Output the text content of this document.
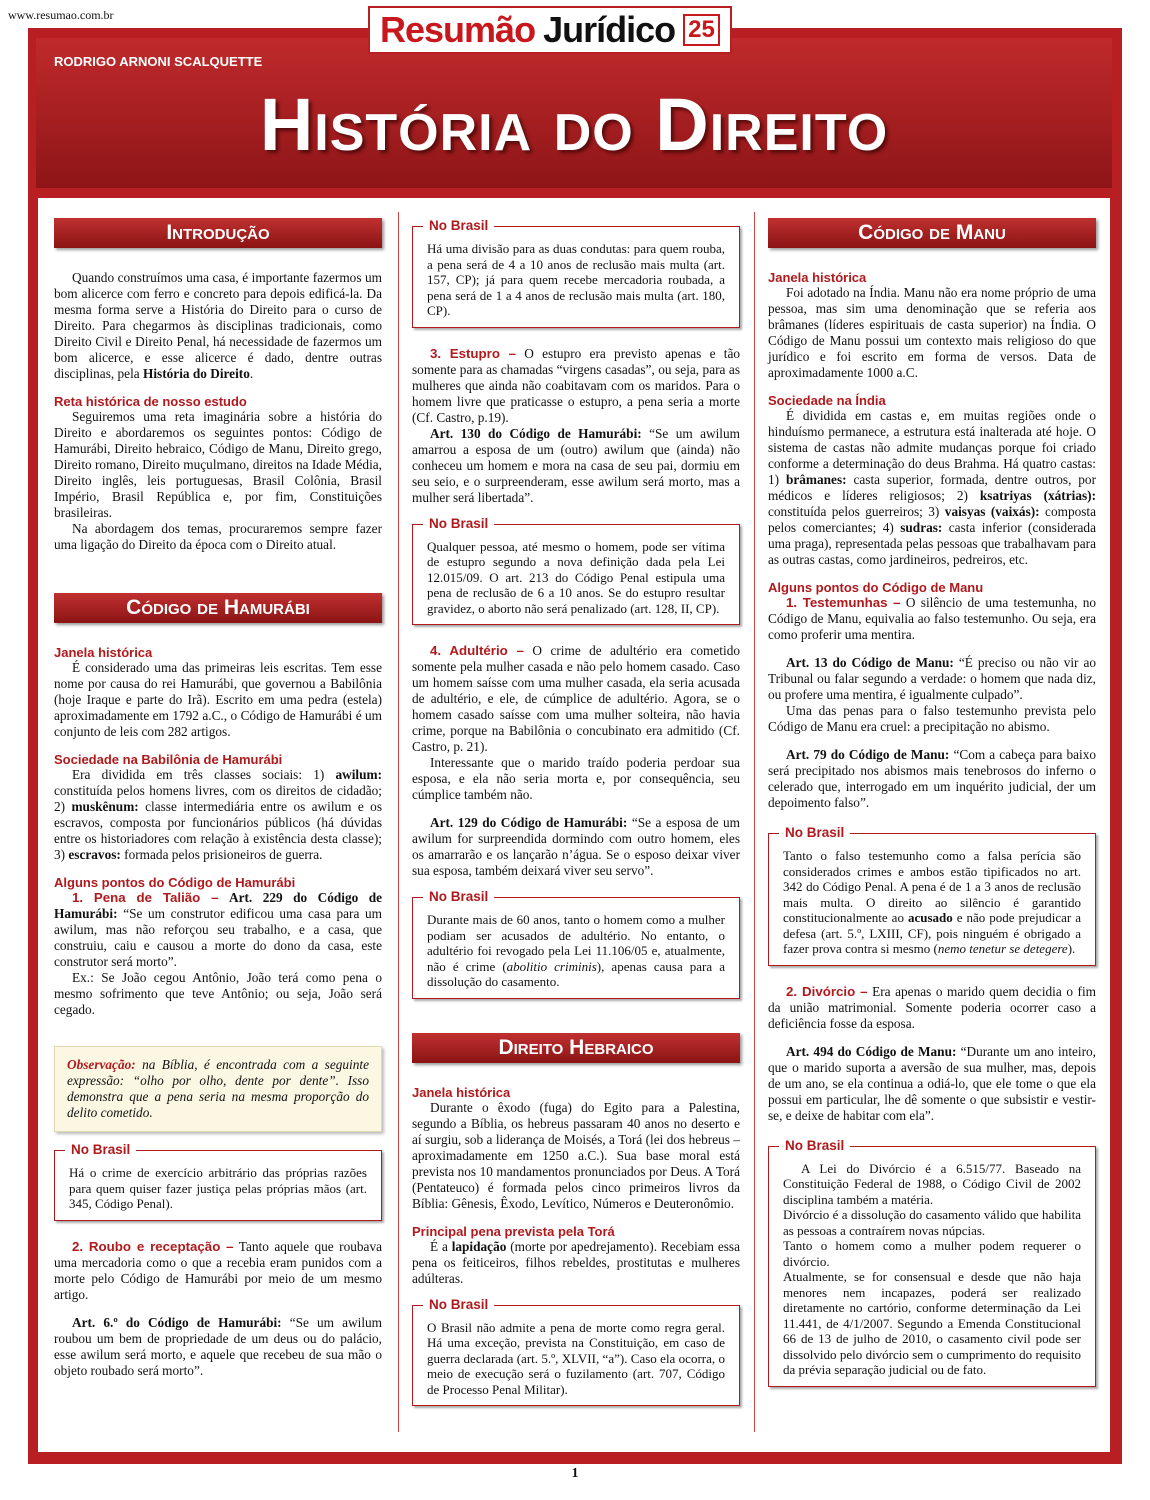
www.resumao.com.br	Resumão Jurídico 25
RODRIGO ARNONI SCALQUETTE
História do Direito
Introdução

Quando construímos uma casa, é importante fazermos um bom alicerce com ferro e concreto para depois edificá-la. Da mesma forma serve a História do Direito para o curso de Direito. Para chegarmos às disciplinas tradicionais, como Direito Civil e Direito Penal, há necessidade de fazermos um bom alicerce, e esse alicerce é dado, dentre outras disciplinas, pela História do Direito.

Reta histórica de nosso estudo

Seguiremos uma reta imaginária sobre a história do Direito e abordaremos os seguintes pontos: Código de Hamurábi, Direito hebraico, Código de Manu, Direito grego, Direito romano, Direito muçulmano, direitos na Idade Média, Direito inglês, leis portuguesas, Brasil Colônia, Brasil Império, Brasil República e, por fim, Constituições brasileiras.

Na abordagem dos temas, procuraremos sempre fazer uma ligação do Direito da época com o Direito atual.

Código de Hamurábi
Janela histórica

É considerado uma das primeiras leis escritas. Tem esse nome por causa do rei Hamurábi, que governou a Babilônia (hoje Iraque e parte do Irã). Escrito em uma pedra (estela) aproximadamente em 1792 a.C., o Código de Hamurábi é um conjunto de leis com 282 artigos.

Sociedade na Babilônia de Hamurábi

Era dividida em três classes sociais: 1) awilum: constituída pelos homens livres, com os direitos de cidadão; 2) muskênum: classe intermediária entre os awilum e os escravos, composta por funcionários públicos (há dúvidas entre os historiadores com relação à existência desta classe); 3) escravos: formada pelos prisioneiros de guerra.

Alguns pontos do Código de Hamurábi

1. Pena de Talião – Art. 229 do Código de Hamurábi: “Se um construtor edificou uma casa para um awilum, mas não reforçou seu trabalho, e a casa, que construiu, caiu e causou a morte do dono da casa, este construtor será morto”.

Ex.: Se João cegou Antônio, João terá como pena o mesmo sofrimento que teve Antônio; ou seja, João será cegado.

Observação: na Bíblia, é encontrada com a seguinte expressão: “olho por olho, dente por dente”. Isso demonstra que a pena seria na mesma proporção do delito cometido.

No Brasil

Há o crime de exercício arbitrário das próprias razões para quem quiser fazer justiça pelas próprias mãos (art. 345, Código Penal).

2. Roubo e receptação – Tanto aquele que roubava uma mercadoria como o que a recebia eram punidos com a morte pelo Código de Hamurábi por meio de um mesmo artigo.

Art. 6.º do Código de Hamurábi: “Se um awilum roubou um bem de propriedade de um deus ou do palácio, esse awilum será morto, e aquele que recebeu de sua mão o objeto roubado será morto”.

No Brasil

Há uma divisão para as duas condutas: para quem rouba, a pena será de 4 a 10 anos de reclusão mais multa (art. 157, CP); já para quem recebe mercadoria roubada, a pena será de 1 a 4 anos de reclusão mais multa (art. 180, CP).

3. Estupro – O estupro era previsto apenas e tão somente para as chamadas “virgens casadas”, ou seja, para as mulheres que ainda não coabitavam com os maridos. Para o homem livre que praticasse o estupro, a pena seria a morte (Cf. Castro, p.19).

Art. 130 do Código de Hamurábi: “Se um awilum amarrou a esposa de um (outro) awilum que (ainda) não conheceu um homem e mora na casa de seu pai, dormiu em seu seio, e o surpreenderam, esse awilum será morto, mas a mulher será libertada”.

No Brasil

Qualquer pessoa, até mesmo o homem, pode ser vítima de estupro segundo a nova definição dada pela Lei 12.015/09. O art. 213 do Código Penal estipula uma pena de reclusão de 6 a 10 anos. Se do estupro resultar gravidez, o aborto não será penalizado (art. 128, II, CP).

4. Adultério – O crime de adultério era cometido somente pela mulher casada e não pelo homem casado. Caso um homem saísse com uma mulher casada, ela seria acusada de adultério, e ele, de cúmplice de adultério. Agora, se o homem casado saísse com uma mulher solteira, não havia crime, porque na Babilônia o concubinato era admitido (Cf. Castro, p. 21).

Interessante que o marido traído poderia perdoar sua esposa, e ela não seria morta e, por consequência, seu cúmplice também não.

Art. 129 do Código de Hamurábi: “Se a esposa de um awilum for surpreendida dormindo com outro homem, eles os amarrarão e os lançarão n’água. Se o esposo deixar viver sua esposa, também deixará viver seu servo”.

No Brasil

Durante mais de 60 anos, tanto o homem como a mulher podiam ser acusados de adultério. No entanto, o adultério foi revogado pela Lei 11.106/05 e, atualmente, não é crime (abolitio criminis), apenas causa para a dissolução do casamento.

Direito Hebraico
Janela histórica

Durante o êxodo (fuga) do Egito para a Palestina, segundo a Bíblia, os hebreus passaram 40 anos no deserto e aí surgiu, sob a liderança de Moisés, a Torá (lei dos hebreus –aproximadamente em 1250 a.C.). Sua base moral está prevista nos 10 mandamentos pronunciados por Deus. A Torá (Pentateuco) é formada pelos cinco primeiros livros da Bíblia: Gênesis, Êxodo, Levítico, Números e Deuteronômio.

Principal pena prevista pela Torá

É a lapidação (morte por apedrejamento). Recebiam essa pena os feiticeiros, filhos rebeldes, prostitutas e mulheres adúlteras.

No Brasil

O Brasil não admite a pena de morte como regra geral. Há uma exceção, prevista na Constituição, em caso de guerra declarada (art. 5.º, XLVII, “a”). Caso ela ocorra, o meio de execução será o fuzilamento (art. 707, Código de Processo Penal Militar).

Código de Manu
Janela histórica

Foi adotado na Índia. Manu não era nome próprio de uma pessoa, mas sim uma denominação que se referia aos brâmanes (líderes espirituais de casta superior) na Índia. O Código de Manu possui um contexto mais religioso do que jurídico e foi escrito em forma de versos. Data de aproximadamente 1000 a.C.

Sociedade na Índia

É dividida em castas e, em muitas regiões onde o hinduísmo permanece, a estrutura está inalterada até hoje. O sistema de castas não admite mudanças porque foi criado conforme a determinação do deus Brahma. Há quatro castas: 1) brâmanes: casta superior, formada, dentre outros, por médicos e líderes religiosos; 2) ksatriyas (xátrias): constituída pelos guerreiros; 3) vaisyas (vaixás): composta pelos comerciantes; 4) sudras: casta inferior (considerada uma praga), representada pelas pessoas que trabalhavam para as outras castas, como jardineiros, pedreiros, etc.

Alguns pontos do Código de Manu

1. Testemunhas – O silêncio de uma testemunha, no Código de Manu, equivalia ao falso testemunho. Ou seja, era como proferir uma mentira.

Art. 13 do Código de Manu: “É preciso ou não vir ao Tribunal ou falar segundo a verdade: o homem que nada diz, ou profere uma mentira, é igualmente culpado”.

Uma das penas para o falso testemunho prevista pelo Código de Manu era cruel: a precipitação no abismo.

Art. 79 do Código de Manu: “Com a cabeça para baixo será precipitado nos abismos mais tenebrosos do inferno o celerado que, interrogado em um inquérito judicial, der um depoimento falso”.

No Brasil

Tanto o falso testemunho como a falsa perícia são considerados crimes e ambos estão tipificados no art. 342 do Código Penal. A pena é de 1 a 3 anos de reclusão mais multa. O direito ao silêncio é garantido constitucionalmente ao acusado e não pode prejudicar a defesa (art. 5.º, LXIII, CF), pois ninguém é obrigado a fazer prova contra si mesmo (nemo tenetur se detegere).

2. Divórcio – Era apenas o marido quem decidia o fim da união matrimonial. Somente poderia ocorrer caso a deficiência fosse da esposa.

Art. 494 do Código de Manu: “Durante um ano inteiro, que o marido suporta a aversão de sua mulher, mas, depois de um ano, se ela continua a odiá-lo, que ele tome o que ela possui em particular, lhe dê somente o que subsistir e vestir-se, e deixe de habitar com ela”.

No Brasil

A Lei do Divórcio é a 6.515/77. Baseado na Constituição Federal de 1988, o Código Civil de 2002 disciplina também a matéria.

Divórcio é a dissolução do casamento válido que habilita as pessoas a contraírem novas núpcias.

Tanto o homem como a mulher podem requerer o divórcio.

Atualmente, se for consensual e desde que não haja menores nem incapazes, poderá ser realizado diretamente no cartório, conforme determinação da Lei 11.441, de 4/1/2007. Segundo a Emenda Constitucional 66 de 13 de julho de 2010, o casamento civil pode ser dissolvido pelo divórcio sem o cumprimento do requisito da prévia separação judicial ou de fato.

1
